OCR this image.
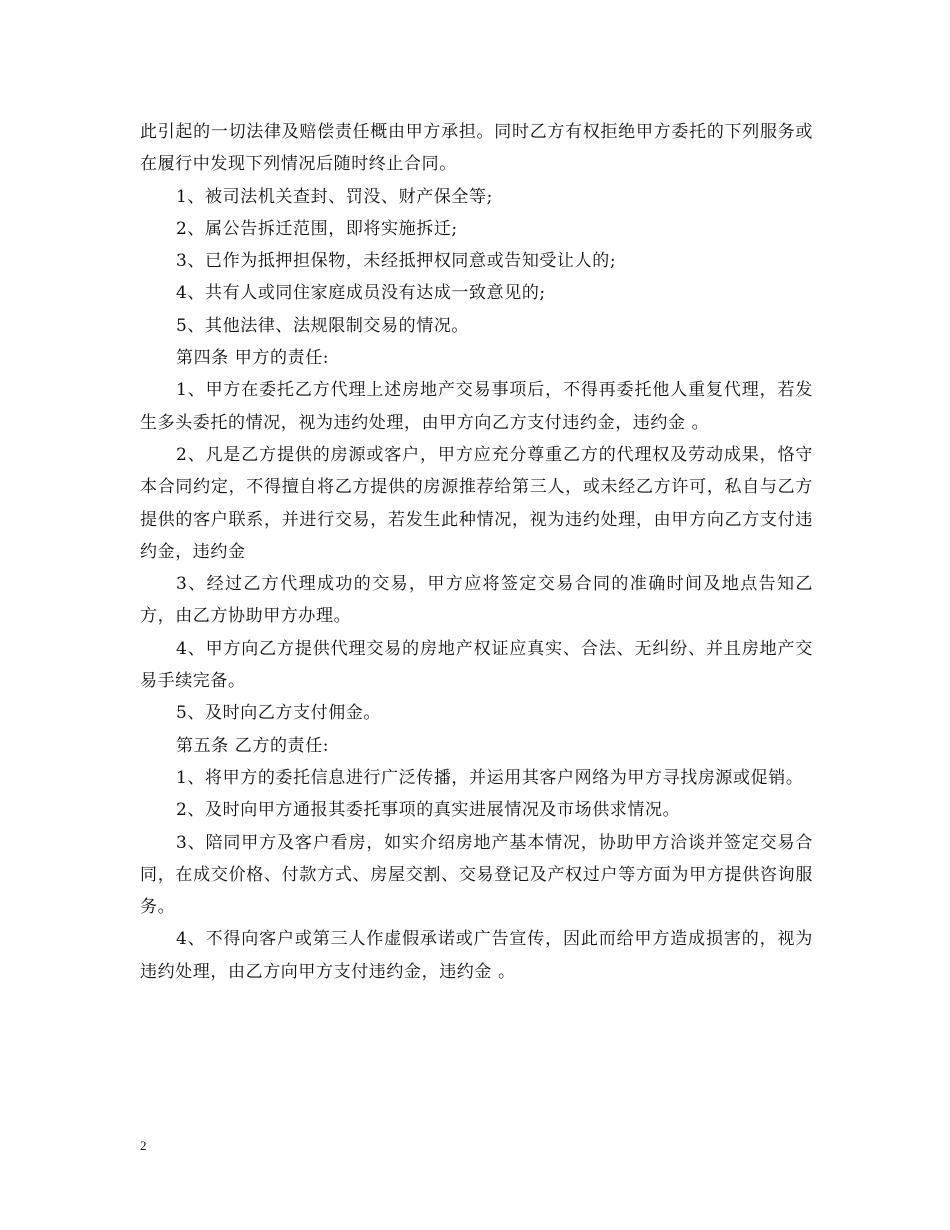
此引起的一切法律及赔偿责任概由甲方承担。同时乙方有权拒绝甲方委托的下列服务或在履行中发现下列情况后随时终止合同。

1、被司法机关查封、罚没、财产保全等;

2、属公告拆迁范围，即将实施拆迁;

3、已作为抵押担保物，未经抵押权同意或告知受让人的;

4、共有人或同住家庭成员没有达成一致意见的;

5、其他法律、法规限制交易的情况。

第四条 甲方的责任:

1、甲方在委托乙方代理上述房地产交易事项后，不得再委托他人重复代理，若发生多头委托的情况，视为违约处理，由甲方向乙方支付违约金，违约金 。

2、凡是乙方提供的房源或客户，甲方应充分尊重乙方的代理权及劳动成果，恪守本合同约定，不得擅自将乙方提供的房源推荐给第三人，或未经乙方许可，私自与乙方提供的客户联系，并进行交易，若发生此种情况，视为违约处理，由甲方向乙方支付违约金，违约金

3、经过乙方代理成功的交易，甲方应将签定交易合同的准确时间及地点告知乙方，由乙方协助甲方办理。

4、甲方向乙方提供代理交易的房地产权证应真实、合法、无纠纷、并且房地产交易手续完备。

5、及时向乙方支付佣金。

第五条 乙方的责任:

1、将甲方的委托信息进行广泛传播，并运用其客户网络为甲方寻找房源或促销。

2、及时向甲方通报其委托事项的真实进展情况及市场供求情况。

3、陪同甲方及客户看房，如实介绍房地产基本情况，协助甲方洽谈并签定交易合同，在成交价格、付款方式、房屋交割、交易登记及产权过户等方面为甲方提供咨询服务。

4、不得向客户或第三人作虚假承诺或广告宣传，因此而给甲方造成损害的，视为违约处理，由乙方向甲方支付违约金，违约金 。

2
